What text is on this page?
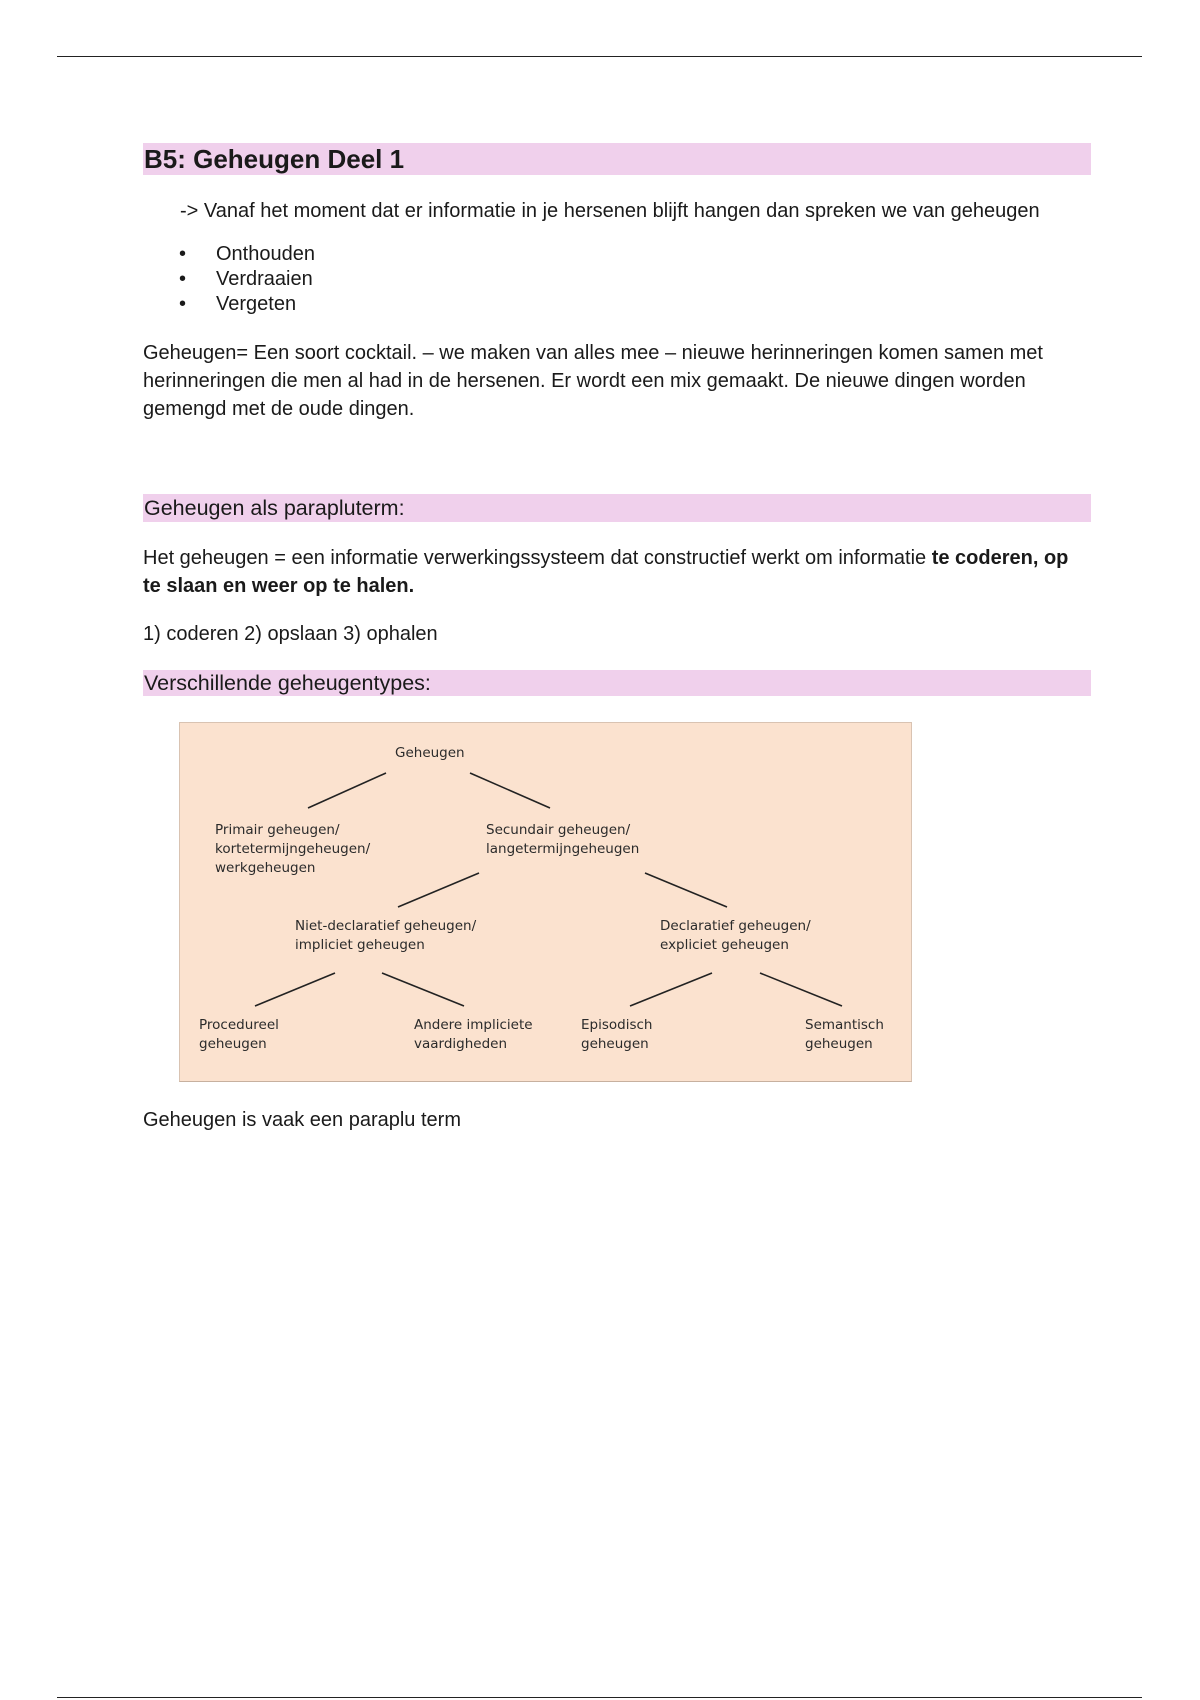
B5: Geheugen Deel 1

-> Vanaf het moment dat er informatie in je hersenen blijft hangen dan spreken we van geheugen

• Onthouden
• Verdraaien
• Vergeten

Geheugen= Een soort cocktail. – we maken van alles mee – nieuwe herinneringen komen samen met herinneringen die men al had in de hersenen. Er wordt een mix gemaakt. De nieuwe dingen worden gemengd met de oude dingen.

Geheugen als parapluterm:

Het geheugen = een informatie verwerkingssysteem dat constructief werkt om informatie te coderen, op te slaan en weer op te halen.

1) coderen 2) opslaan 3) ophalen

Verschillende geheugentypes:
Geheugen
Primair geheugen/
kortetermijngeheugen/
werkgeheugen
Secundair geheugen/
langetermijngeheugen
Niet-declaratief geheugen/
impliciet geheugen
Declaratief geheugen/
expliciet geheugen
Procedureel
geheugen
Andere impliciete
vaardigheden
Episodisch
geheugen
Semantisch
geheugen

Geheugen is vaak een paraplu term
